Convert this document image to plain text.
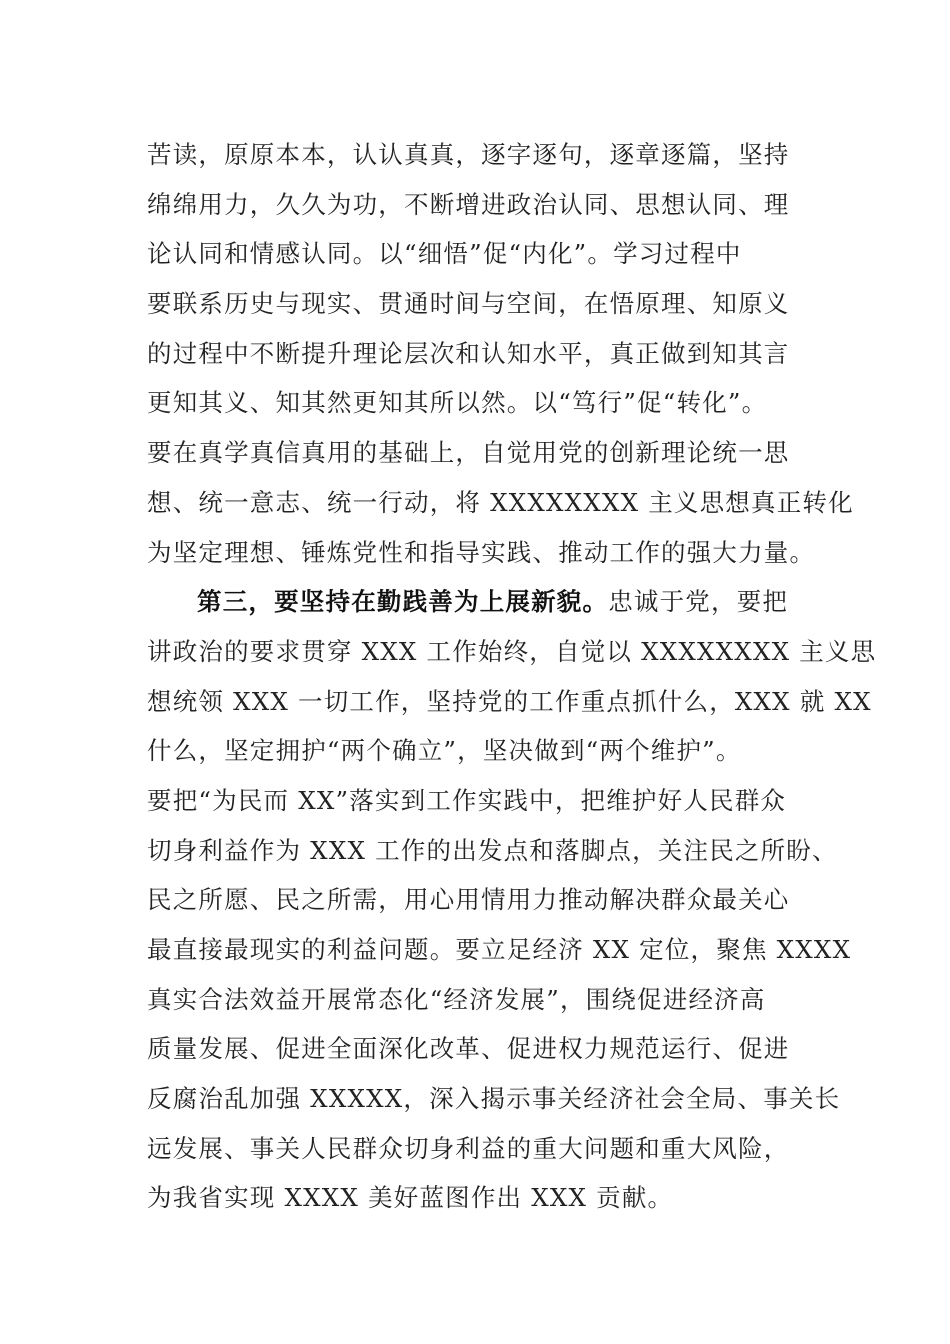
苦读，原原本本，认认真真，逐字逐句，逐章逐篇，坚持
绵绵用力，久久为功，不断增进政治认同、思想认同、理
论认同和情感认同。以“细悟”促“内化”。学习过程中
要联系历史与现实、贯通时间与空间，在悟原理、知原义
的过程中不断提升理论层次和认知水平，真正做到知其言
更知其义、知其然更知其所以然。以“笃行”促“转化”。
要在真学真信真用的基础上，自觉用党的创新理论统一思
想、统一意志、统一行动，将 XXXXXXXX 主义思想真正转化
为坚定理想、锤炼党性和指导实践、推动工作的强大力量。
第三，要坚持在勤践善为上展新貌。忠诚于党，要把
讲政治的要求贯穿 XXX 工作始终，自觉以 XXXXXXXX 主义思
想统领 XXX 一切工作，坚持党的工作重点抓什么，XXX 就 XX
什么，坚定拥护“两个确立”，坚决做到“两个维护”。
要把“为民而 XX”落实到工作实践中，把维护好人民群众
切身利益作为 XXX 工作的出发点和落脚点，关注民之所盼、
民之所愿、民之所需，用心用情用力推动解决群众最关心
最直接最现实的利益问题。要立足经济 XX 定位，聚焦 XXXX
真实合法效益开展常态化“经济发展”，围绕促进经济高
质量发展、促进全面深化改革、促进权力规范运行、促进
反腐治乱加强 XXXXX，深入揭示事关经济社会全局、事关长
远发展、事关人民群众切身利益的重大问题和重大风险，
为我省实现 XXXX 美好蓝图作出 XXX 贡献。
